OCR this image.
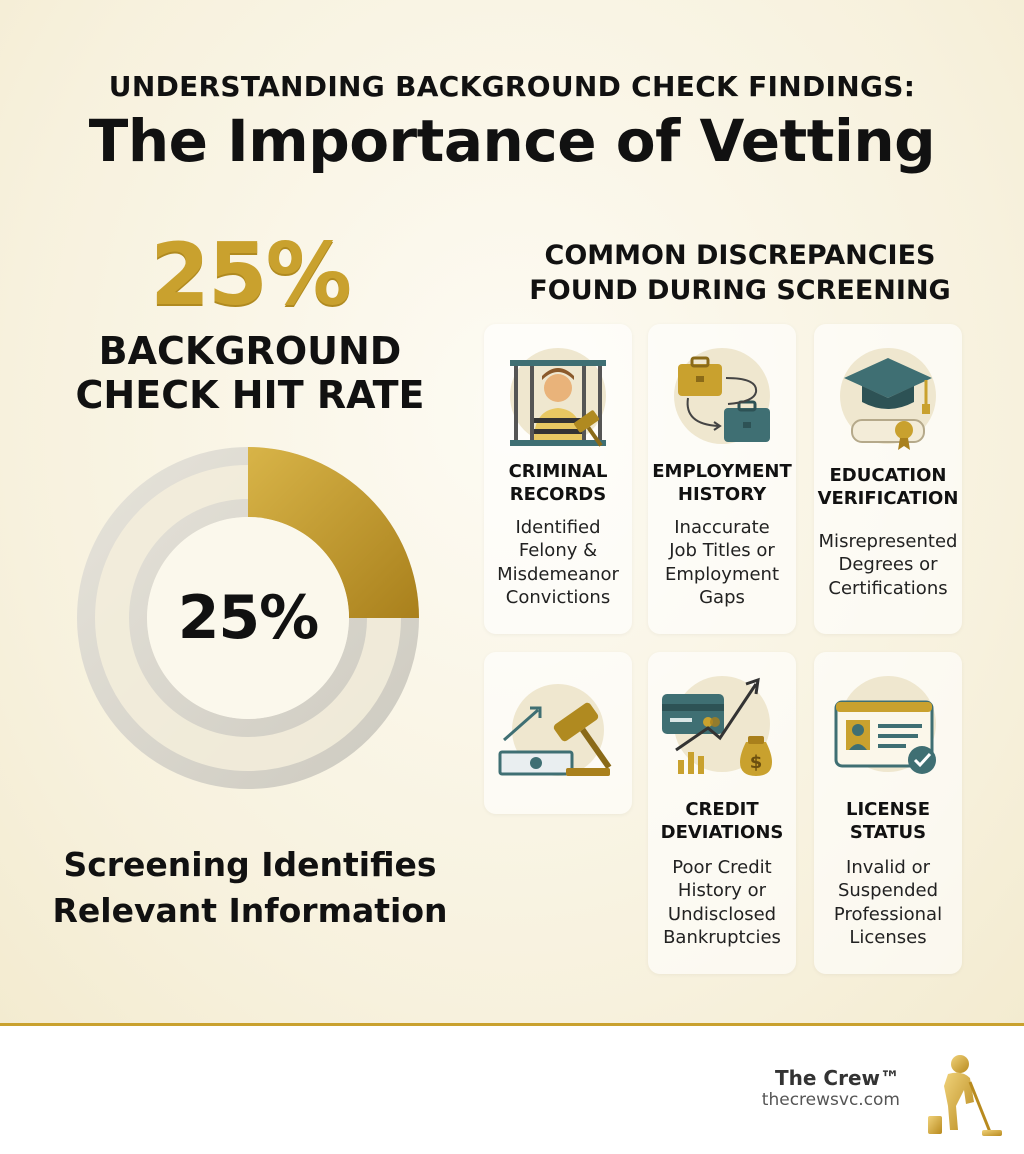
UNDERSTANDING BACKGROUND CHECK FINDINGS:
The Importance of Vetting
25%
BACKGROUND
CHECK HIT RATE
25%
Screening Identifies
Relevant Information
COMMON DISCREPANCIES
FOUND DURING SCREENING
CRIMINAL
RECORDS
Identified
Felony &
Misdemeanor
Convictions
EMPLOYMENT
HISTORY
Inaccurate
Job Titles or
Employment
Gaps
EDUCATION
VERIFICATION
Misrepresented
Degrees or
Certifications
$
CREDIT
DEVIATIONS
Poor Credit
History or
Undisclosed
Bankruptcies
LICENSE
STATUS
Invalid or
Suspended
Professional
Licenses
The Crew™
thecrewsvc.com
